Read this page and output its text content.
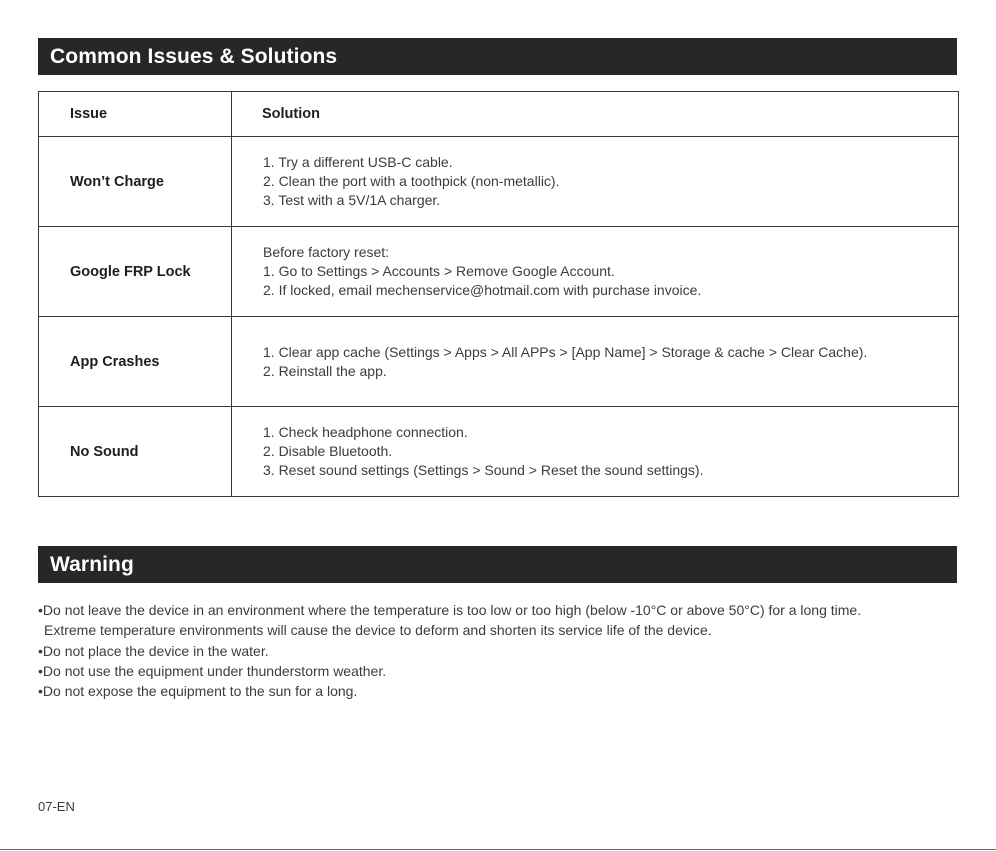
Common Issues & Solutions
Issue	Solution
Won’t Charge	1. Try a different USB-C cable.
2. Clean the port with a toothpick (non-metallic).
3. Test with a 5V/1A charger.

Google FRP Lock	Before factory reset:
1. Go to Settings > Accounts > Remove Google Account.
2. If locked, email mechenservice@hotmail.com with purchase invoice.

App Crashes	1. Clear app cache (Settings > Apps > All APPs > [App Name] > Storage & cache > Clear Cache).
2. Reinstall the app.

No Sound	1. Check headphone connection.
2. Disable Bluetooth.
3. Reset sound settings (Settings > Sound > Reset the sound settings).
Warning
•Do not leave the device in an environment where the temperature is too low or too high (below -10°C or above 50°C) for a long time.
Extreme temperature environments will cause the device to deform and shorten its service life of the device.
•Do not place the device in the water.
•Do not use the equipment under thunderstorm weather.
•Do not expose the equipment to the sun for a long.
07-EN
